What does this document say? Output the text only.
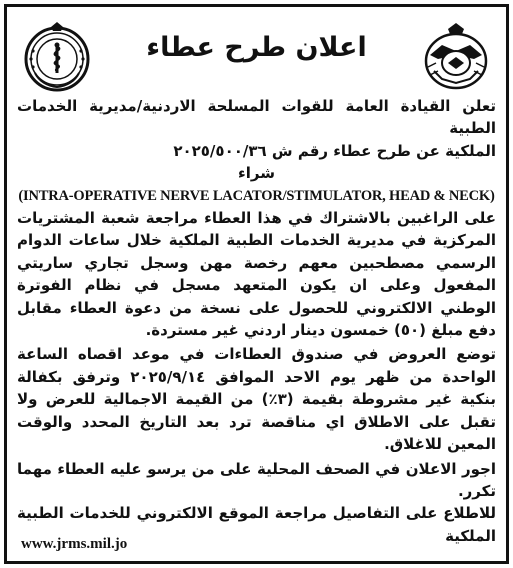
اعلان طرح عطاء

تعلن القيادة العامة للقوات المسلحة الاردنية/مديرية الخدمات الطبية

الملكية عن طرح عطاء رقم ش ٢٠٢٥/٥٠٠/٣٦

شراء

(INTRA-OPERATIVE NERVE LACATOR/STIMULATOR, HEAD & NECK)

على الراغبين بالاشتراك في هذا العطاء مراجعة شعبة المشتريات المركزية في مديرية الخدمات الطبية الملكية خلال ساعات الدوام الرسمي مصطحبين معهم رخصة مهن وسجل تجاري ساريتي المفعول وعلى ان يكون المتعهد مسجل في نظام الفوترة الوطني الالكتروني للحصول على نسخة من دعوة العطاء مقابل دفع مبلغ (٥٠) خمسون دينار اردني غير مستردة.

توضع العروض في صندوق العطاءات في موعد اقصاه الساعة الواحدة من ظهر يوم الاحد الموافق ٢٠٢٥/٩/١٤ وترفق بكفالة بنكية غير مشروطة بقيمة (٣٪) من القيمة الاجمالية للعرض ولا تقبل على الاطلاق اي مناقصة ترد بعد التاريخ المحدد والوقت المعين للاغلاق.

اجور الاعلان في الصحف المحلية على من يرسو عليه العطاء مهما تكرر.

للاطلاع على التفاصيل مراجعة الموقع الالكتروني للخدمات الطبية الملكية

www.jrms.mil.jo
